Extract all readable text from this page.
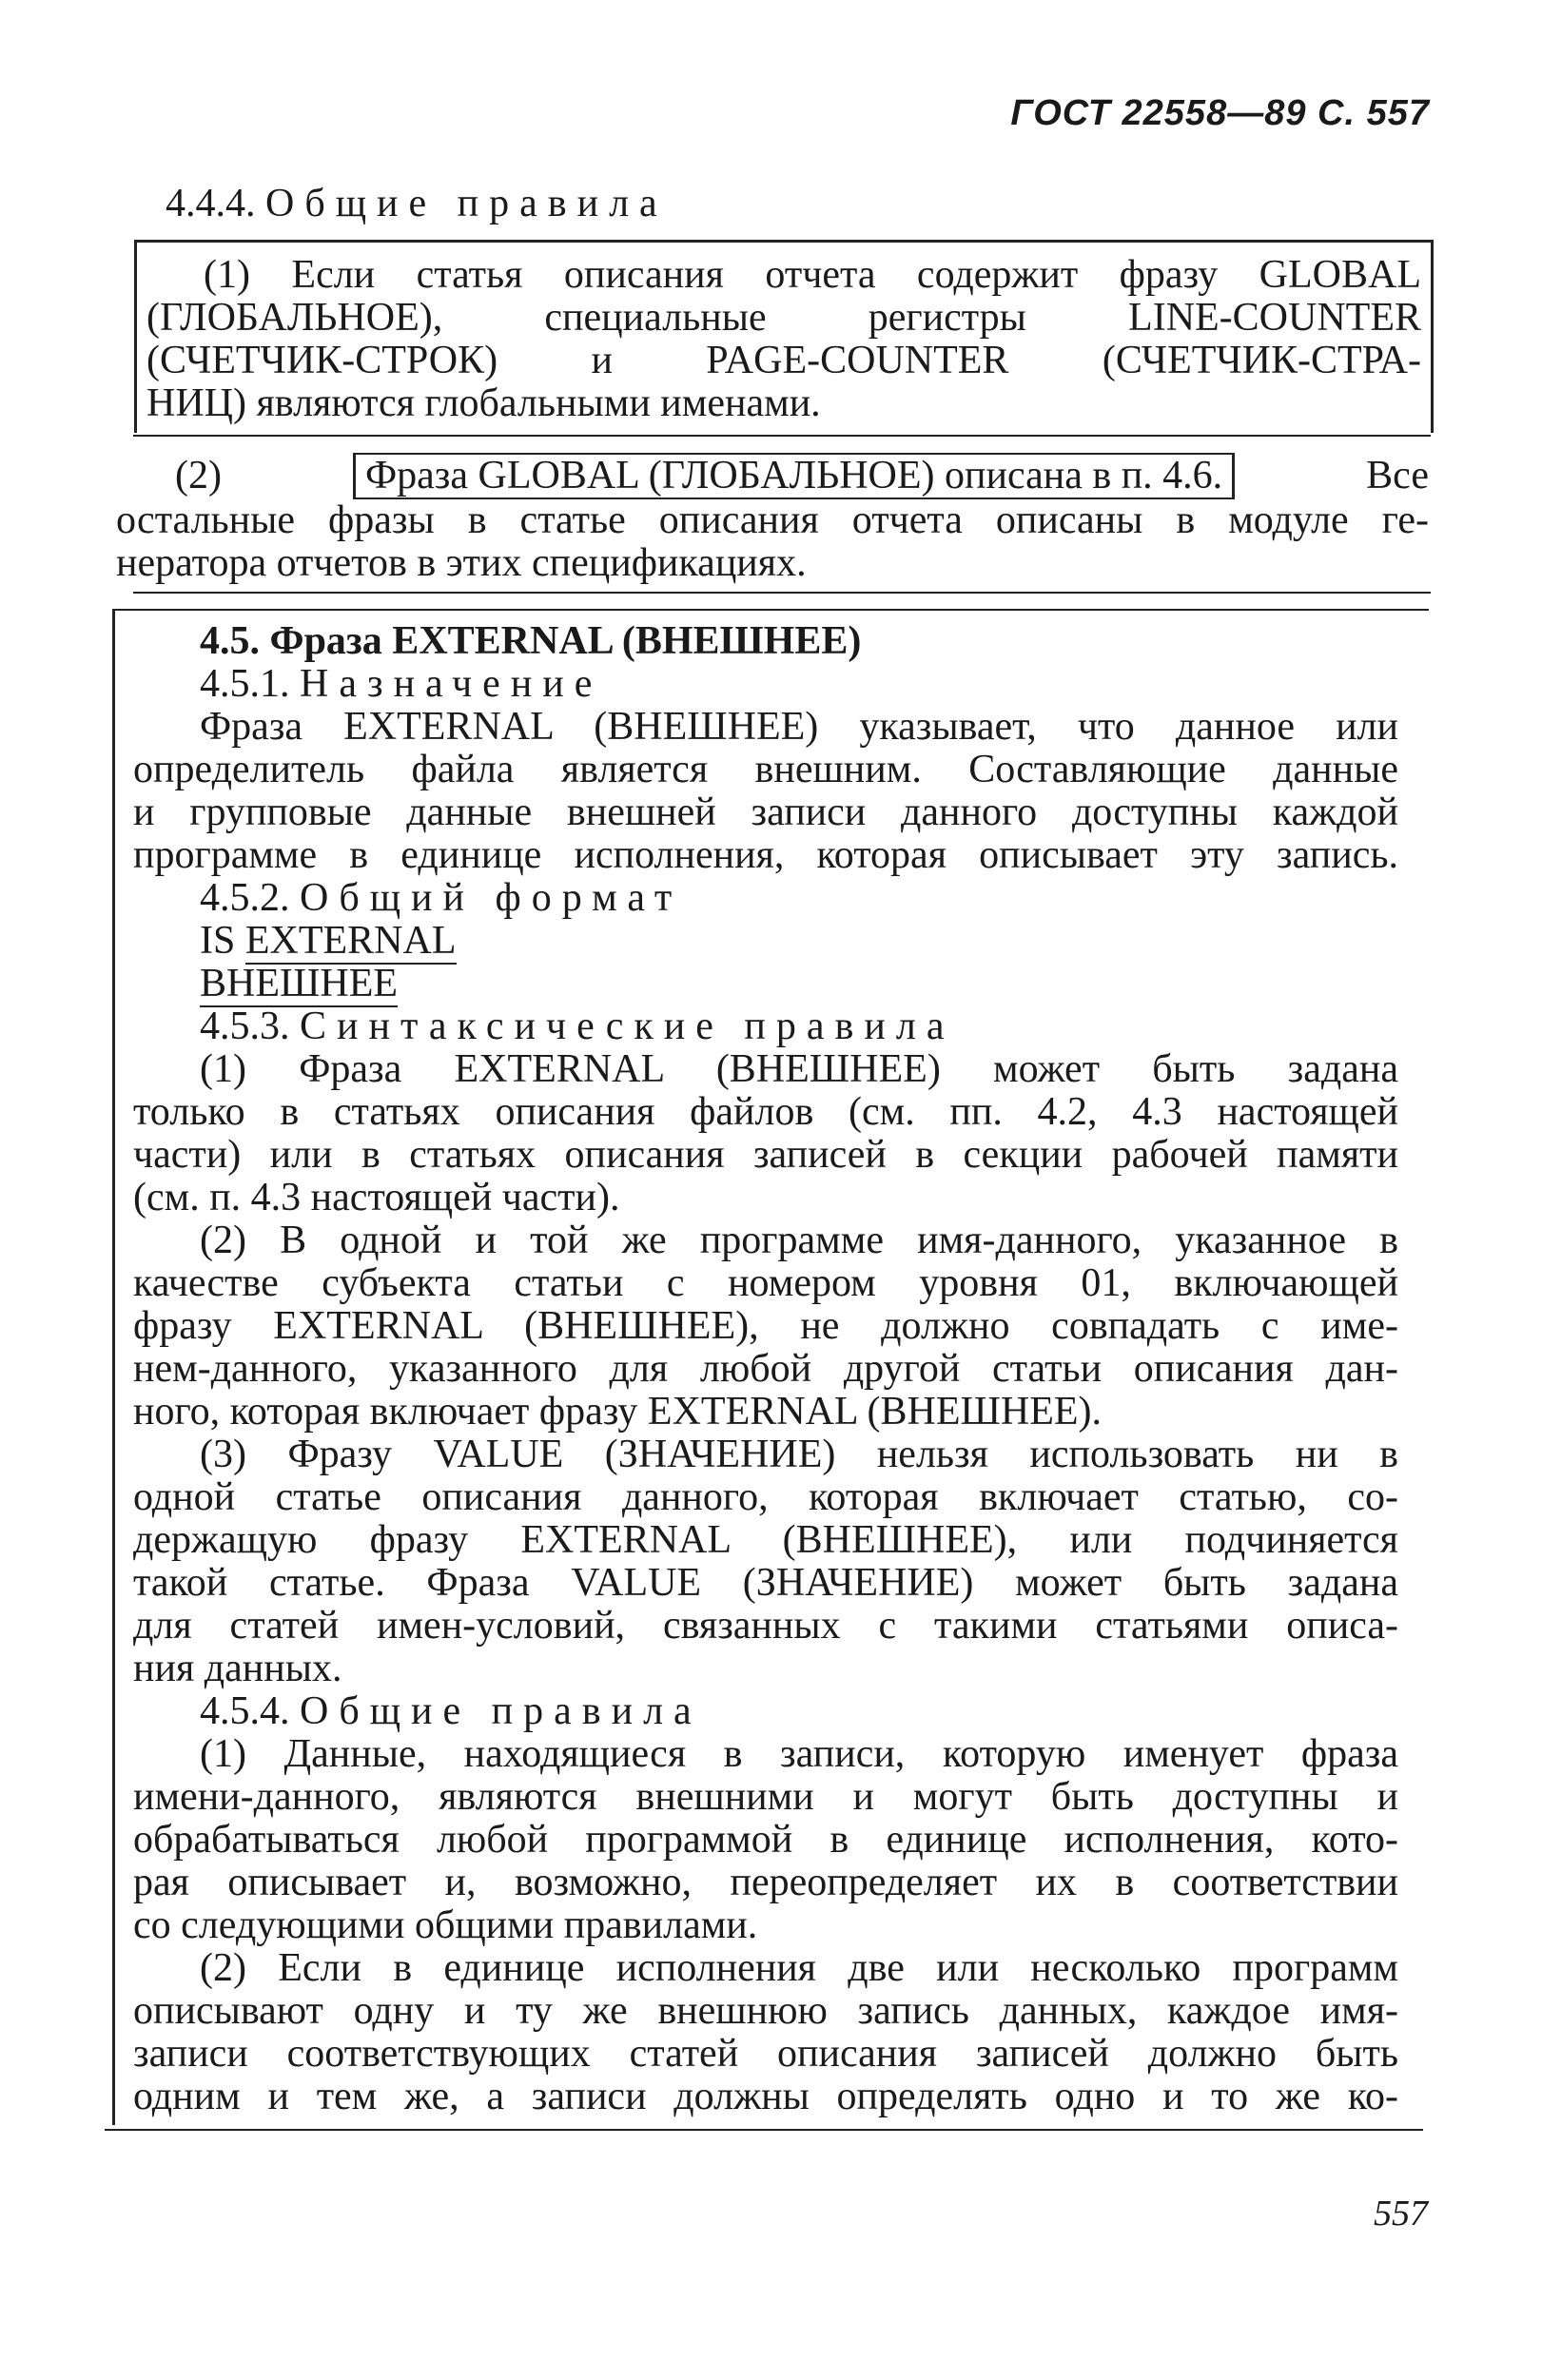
ГОСТ 22558—89 С. 557
4.4.4. Общие правила
(1) Если статья описания отчета содержит фразу GLOBAL
(ГЛОБАЛЬНОЕ), специальные регистры LINE-COUNTER
(СЧЕТЧИК-СТРОК) и PAGE-COUNTER (СЧЕТЧИК-СТРА-
НИЦ) являются глобальными именами.
(2)	Фраза GLOBAL (ГЛОБАЛЬНОЕ) описана в п. 4.6.	Все
остальные фразы в статье описания отчета описаны в модуле ге-
нератора отчетов в этих спецификациях.
4.5. Фраза EXTERNAL (ВНЕШНЕЕ)
4.5.1. Назначение
Фраза EXTERNAL (ВНЕШНЕЕ) указывает, что данное или
определитель файла является внешним. Составляющие данные
и групповые данные внешней записи данного доступны каждой
программе в единице исполнения, которая описывает эту запись.
4.5.2. Общий формат
IS EXTERNAL
ВНЕШНЕЕ
4.5.3. Синтаксические правила
(1) Фраза EXTERNAL (ВНЕШНЕЕ) может быть задана
только в статьях описания файлов (см. пп. 4.2, 4.3 настоящей
части) или в статьях описания записей в секции рабочей памяти
(см. п. 4.3 настоящей части).
(2) В одной и той же программе имя-данного, указанное в
качестве субъекта статьи с номером уровня 01, включающей
фразу EXTERNAL (ВНЕШНЕЕ), не должно совпадать с име-
нем-данного, указанного для любой другой статьи описания дан-
ного, которая включает фразу EXTERNAL (ВНЕШНЕЕ).
(3) Фразу VALUE (ЗНАЧЕНИЕ) нельзя использовать ни в
одной статье описания данного, которая включает статью, со-
держащую фразу EXTERNAL (ВНЕШНЕЕ), или подчиняется
такой статье. Фраза VALUE (ЗНАЧЕНИЕ) может быть задана
для статей имен-условий, связанных с такими статьями описа-
ния данных.
4.5.4. Общие правила
(1) Данные, находящиеся в записи, которую именует фраза
имени-данного, являются внешними и могут быть доступны и
обрабатываться любой программой в единице исполнения, кото-
рая описывает и, возможно, переопределяет их в соответствии
со следующими общими правилами.
(2) Если в единице исполнения две или несколько программ
описывают одну и ту же внешнюю запись данных, каждое имя-
записи соответствующих статей описания записей должно быть
одним и тем же, а записи должны определять одно и то же ко-
557
